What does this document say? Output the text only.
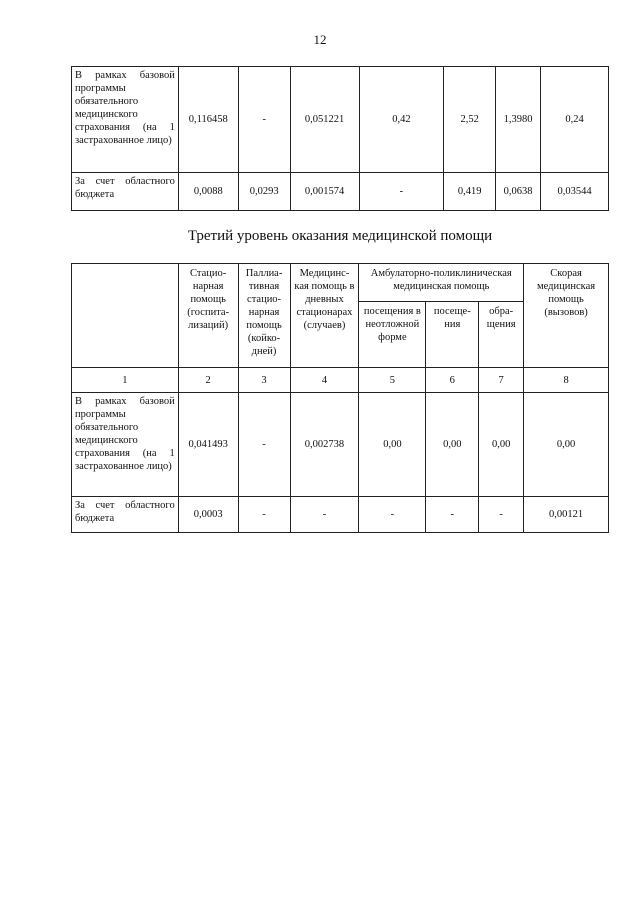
12
В рамках базовой программы обязательного медицинского страхования (на 1 застрахованное лицо)	0,116458	-	0,051221	0,42	2,52	1,3980	0,24
За счет областного бюджета	0,0088	0,0293	0,001574	-	0,419	0,0638	0,03544
Третий уровень оказания медицинской помощи
	Стацио-нарная помощь (госпита-лизаций)	Паллиа-тивная стацио-нарная помощь (койко-дней)	Медицинс-кая помощь в дневных стационарах (случаев)	Амбулаторно-поликлиническая медицинская помощь			Скорая медицинская помощь (вызовов)
				посещения в неотложной форме	посеще-ния	обра-щения	
1	2	3	4	5	6	7	8
В рамках базовой программы обязательного медицинского страхования (на 1 застрахованное лицо)	0,041493	-	0,002738	0,00	0,00	0,00	0,00
За счет областного бюджета	0,0003	-	-	-	-	-	0,00121
